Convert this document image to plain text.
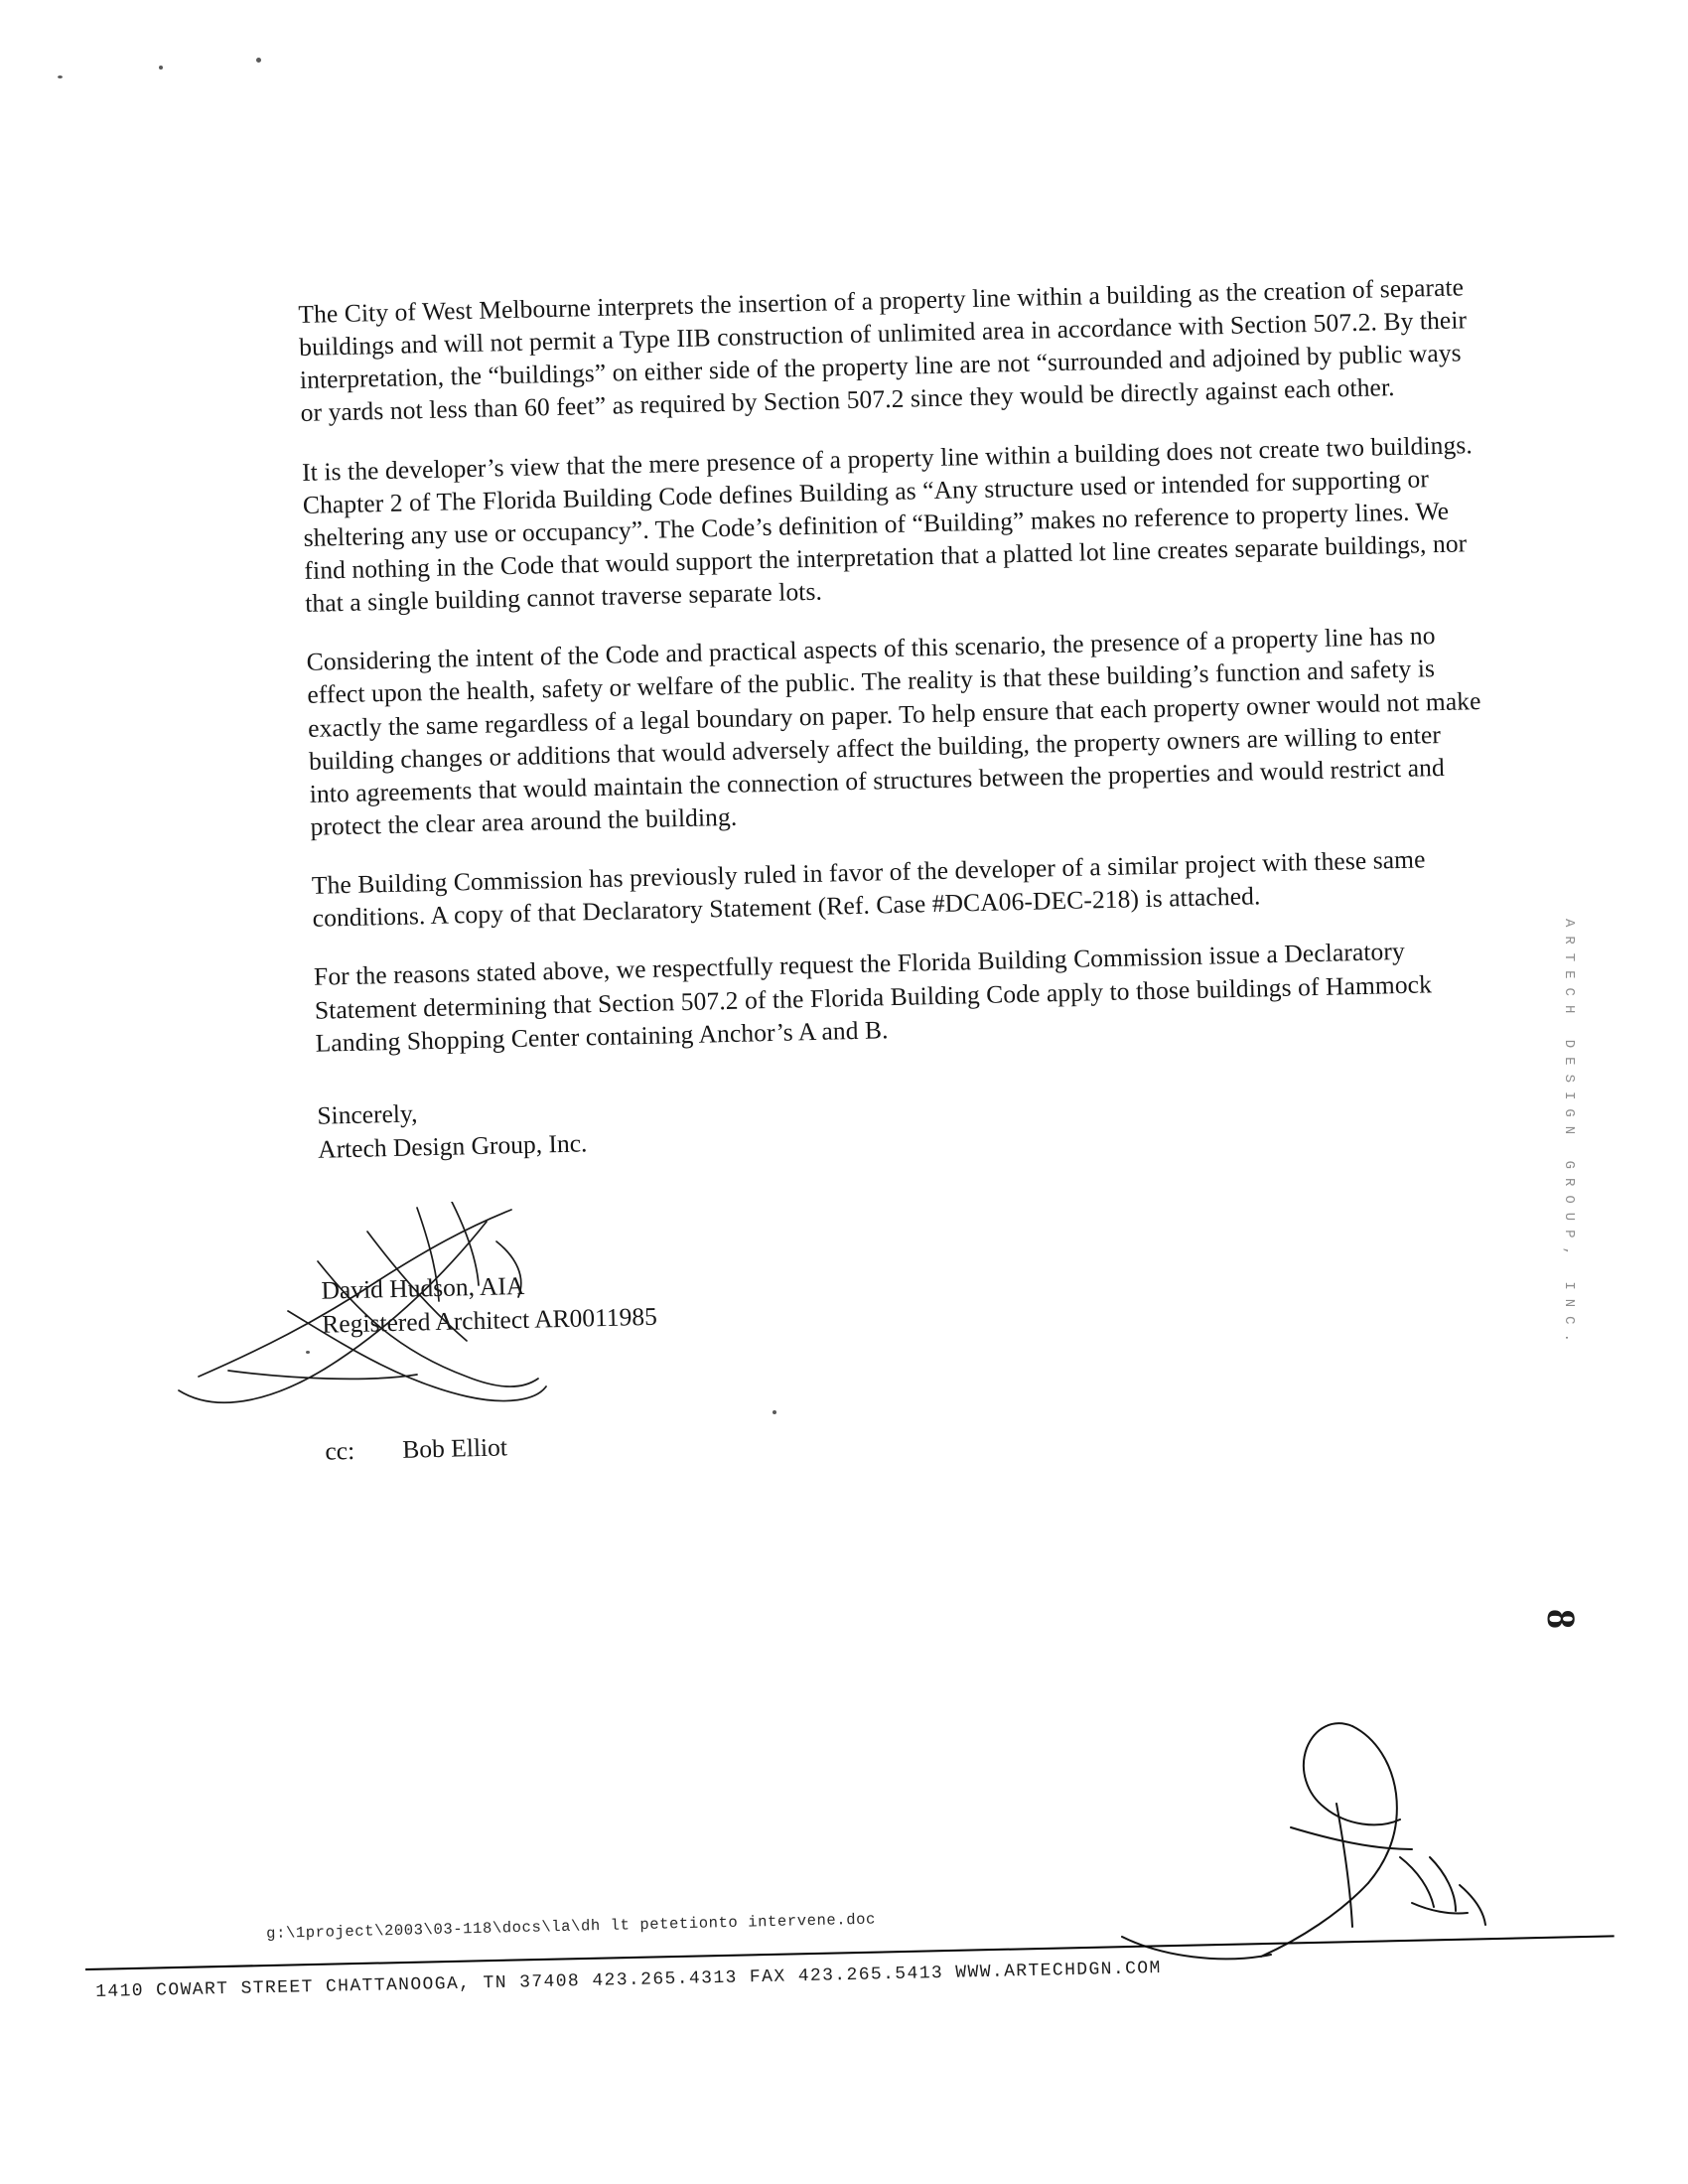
The City of West Melbourne interprets the insertion of a property line within a building as the creation of separate buildings and will not permit a Type IIB construction of unlimited area in accordance with Section 507.2. By their interpretation, the “buildings” on either side of the property line are not “surrounded and adjoined by public ways or yards not less than 60 feet” as required by Section 507.2 since they would be directly against each other.

It is the developer’s view that the mere presence of a property line within a building does not create two buildings. Chapter 2 of The Florida Building Code defines Building as “Any structure used or intended for supporting or sheltering any use or occupancy”. The Code’s definition of “Building” makes no reference to property lines. We find nothing in the Code that would support the interpretation that a platted lot line creates separate buildings, nor that a single building cannot traverse separate lots.

Considering the intent of the Code and practical aspects of this scenario, the presence of a property line has no effect upon the health, safety or welfare of the public. The reality is that these building’s function and safety is exactly the same regardless of a legal boundary on paper. To help ensure that each property owner would not make building changes or additions that would adversely affect the building, the property owners are willing to enter into agreements that would maintain the connection of structures between the properties and would restrict and protect the clear area around the building.

The Building Commission has previously ruled in favor of the developer of a similar project with these same conditions. A copy of that Declaratory Statement (Ref. Case #DCA06-DEC-218) is attached.

For the reasons stated above, we respectfully request the Florida Building Commission issue a Declaratory Statement determining that Section 507.2 of the Florida Building Code apply to those buildings of Hammock Landing Shopping Center containing Anchor’s A and B.

Sincerely,
Artech Design Group, Inc.
David Hudson, AIA
Registered Architect AR0011985
cc: Bob Elliot
g:\1project\2003\03-118\docs\la\dh lt petetionto intervene.doc
1410 COWART STREET CHATTANOOGA, TN 37408 423.265.4313 FAX 423.265.5413 WWW.ARTECHDGN.COM
ARTECH DESIGN GROUP, INC.
8
